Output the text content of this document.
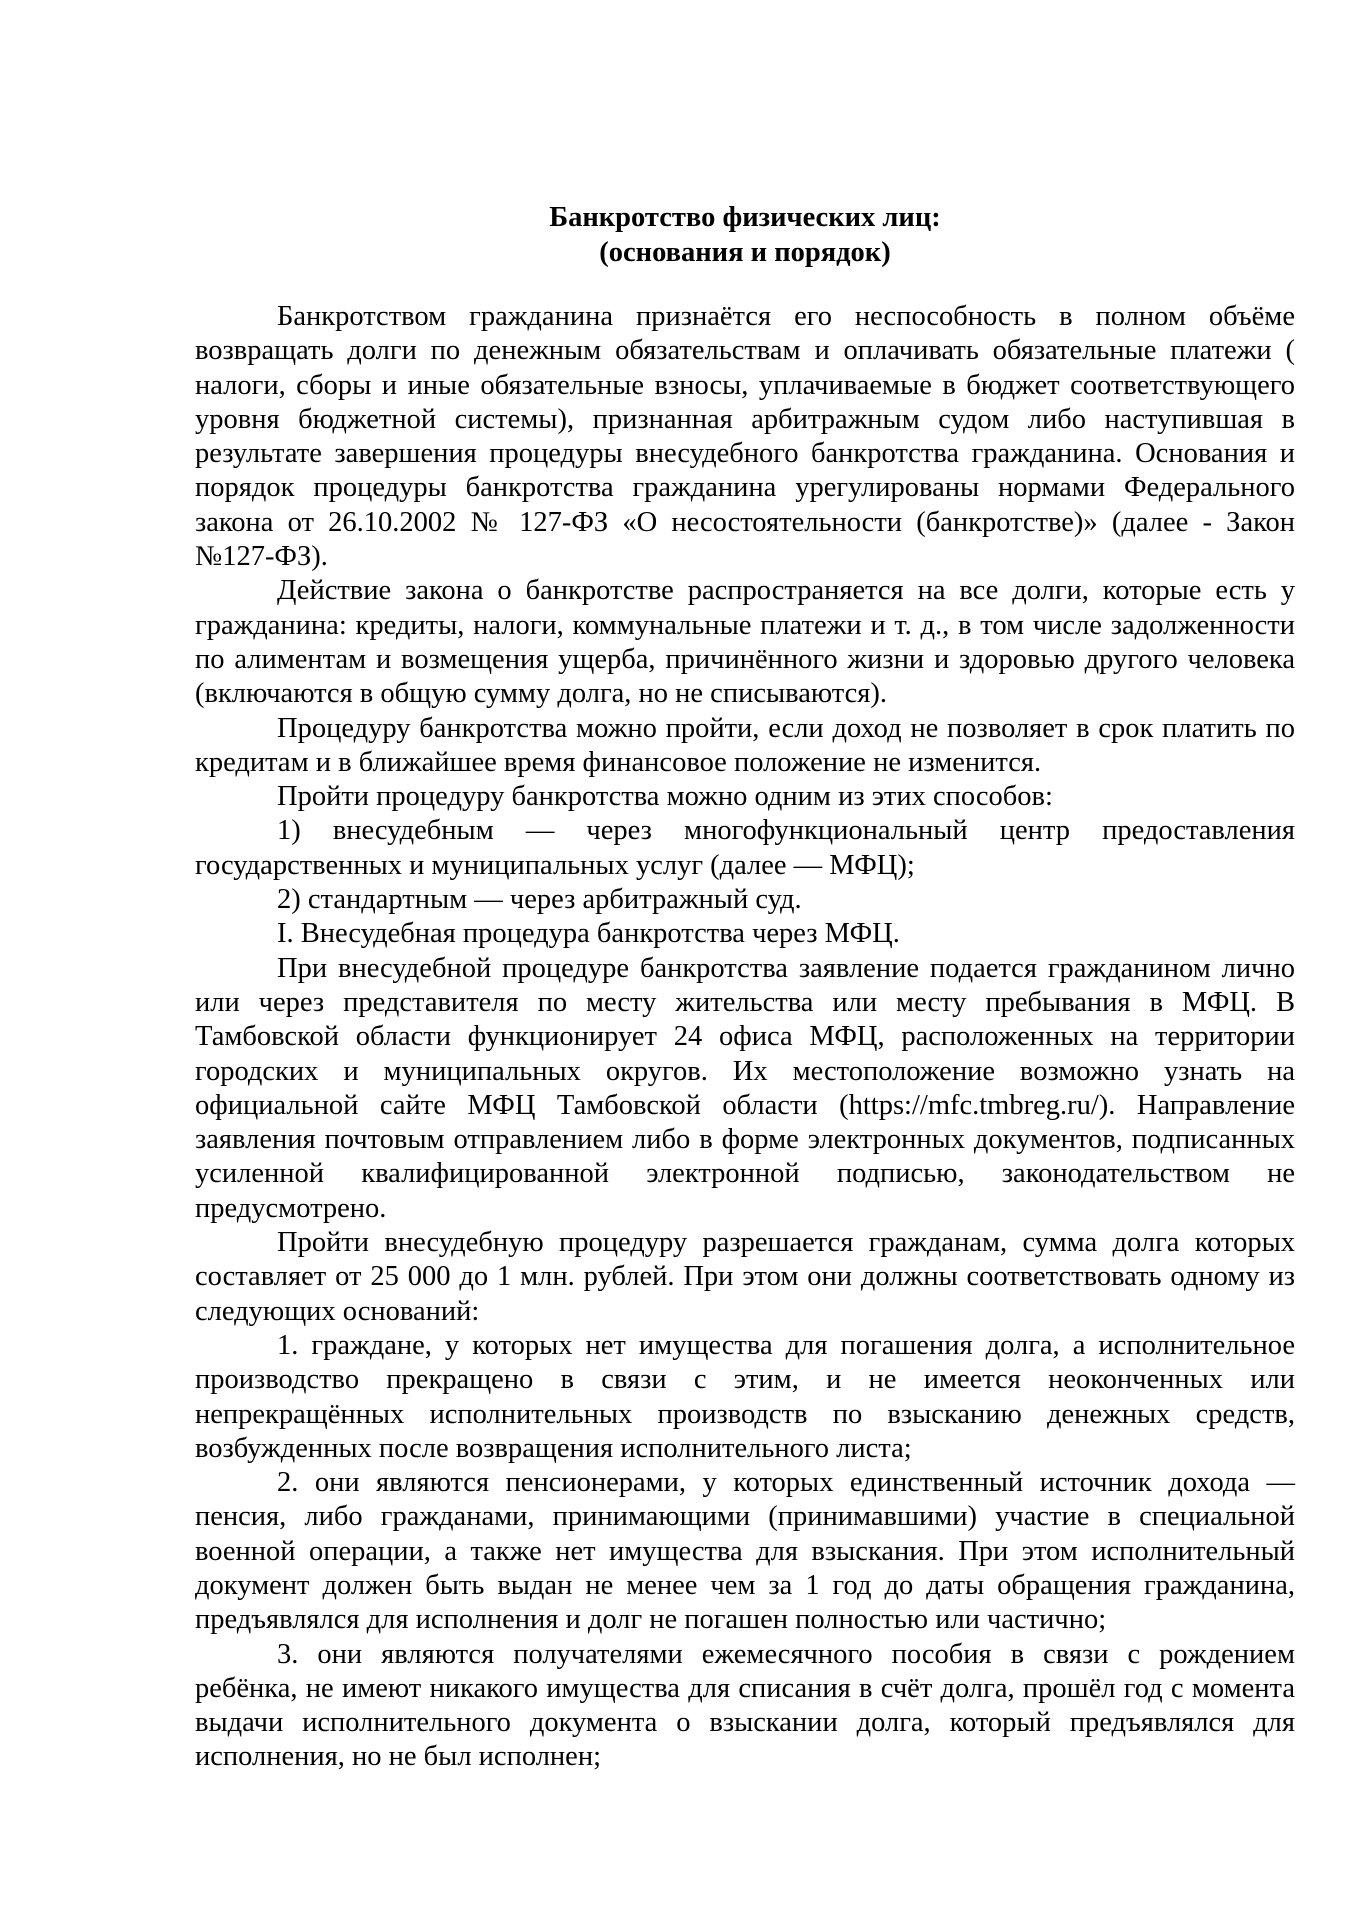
Банкротство физических лиц:

(основания и порядок)

Банкротством гражданина признаётся его неспособность в полном объёме возвращать долги по денежным обязательствам и оплачивать обязательные платежи ( налоги, сборы и иные обязательные взносы, уплачиваемые в бюджет соответствующего уровня бюджетной системы), признанная арбитражным судом либо наступившая в результате завершения процедуры внесудебного банкротства гражданина. Основания и порядок процедуры банкротства гражданина урегулированы нормами Федерального закона от 26.10.2002 № 127-ФЗ «О несостоятельности (банкротстве)» (далее - Закон №127-ФЗ).

Действие закона о банкротстве распространяется на все долги, которые есть у гражданина: кредиты, налоги, коммунальные платежи и т. д., в том числе задолженности по алиментам и возмещения ущерба, причинённого жизни и здоровью другого человека (включаются в общую сумму долга, но не списываются).

Процедуру банкротства можно пройти, если доход не позволяет в срок платить по кредитам и в ближайшее время финансовое положение не изменится.

Пройти процедуру банкротства можно одним из этих способов:

1) внесудебным — через многофункциональный центр предоставления государственных и муниципальных услуг (далее — МФЦ);

2) стандартным — через арбитражный суд.

I. Внесудебная процедура банкротства через МФЦ.

При внесудебной процедуре банкротства заявление подается гражданином лично или через представителя по месту жительства или месту пребывания в МФЦ. В Тамбовской области функционирует 24 офиса МФЦ, расположенных на территории городских и муниципальных округов. Их местоположение возможно узнать на официальной сайте МФЦ Тамбовской области (https://mfc.tmbreg.ru/). Направление заявления почтовым отправлением либо в форме электронных документов, подписанных усиленной квалифицированной электронной подписью, законодательством не предусмотрено.

Пройти внесудебную процедуру разрешается гражданам, сумма долга которых составляет от 25 000 до 1 млн. рублей. При этом они должны соответствовать одному из следующих оснований:

1. граждане, у которых нет имущества для погашения долга, а исполнительное производство прекращено в связи с этим, и не имеется неоконченных или непрекращённых исполнительных производств по взысканию денежных средств, возбужденных после возвращения исполнительного листа;

2. они являются пенсионерами, у которых единственный источник дохода — пенсия, либо гражданами, принимающими (принимавшими) участие в специальной военной операции, а также нет имущества для взыскания. При этом исполнительный документ должен быть выдан не менее чем за 1 год до даты обращения гражданина, предъявлялся для исполнения и долг не погашен полностью или частично;

3. они являются получателями ежемесячного пособия в связи с рождением ребёнка, не имеют никакого имущества для списания в счёт долга, прошёл год с момента выдачи исполнительного документа о взыскании долга, который предъявлялся для исполнения, но не был исполнен;
